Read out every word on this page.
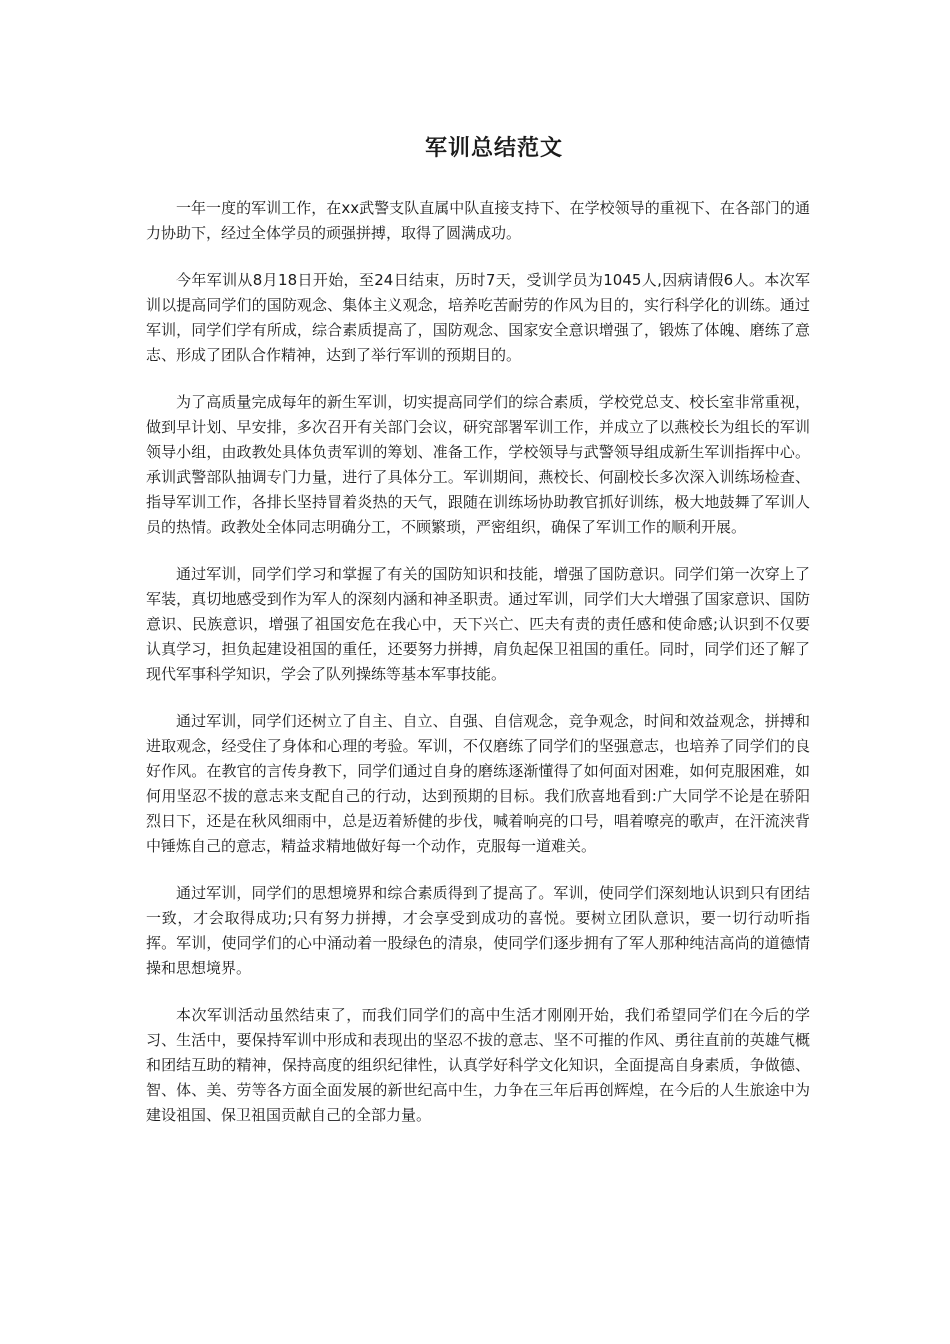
军训总结范文

一年一度的军训工作，在xx武警支队直属中队直接支持下、在学校领导的重视下、在各部门的通力协助下，经过全体学员的顽强拼搏，取得了圆满成功。

今年军训从8月18日开始，至24日结束，历时7天，受训学员为1045人,因病请假6人。本次军训以提高同学们的国防观念、集体主义观念，培养吃苦耐劳的作风为目的，实行科学化的训练。通过军训，同学们学有所成，综合素质提高了，国防观念、国家安全意识增强了，锻炼了体魄、磨练了意志、形成了团队合作精神，达到了举行军训的预期目的。

为了高质量完成每年的新生军训，切实提高同学们的综合素质，学校党总支、校长室非常重视，做到早计划、早安排，多次召开有关部门会议，研究部署军训工作，并成立了以燕校长为组长的军训领导小组，由政教处具体负责军训的筹划、准备工作，学校领导与武警领导组成新生军训指挥中心。承训武警部队抽调专门力量，进行了具体分工。军训期间，燕校长、何副校长多次深入训练场检查、指导军训工作，各排长坚持冒着炎热的天气，跟随在训练场协助教官抓好训练，极大地鼓舞了军训人员的热情。政教处全体同志明确分工，不顾繁琐，严密组织，确保了军训工作的顺利开展。

通过军训，同学们学习和掌握了有关的国防知识和技能，增强了国防意识。同学们第一次穿上了军装，真切地感受到作为军人的深刻内涵和神圣职责。通过军训，同学们大大增强了国家意识、国防意识、民族意识，增强了祖国安危在我心中，天下兴亡、匹夫有责的责任感和使命感;认识到不仅要认真学习，担负起建设祖国的重任，还要努力拼搏，肩负起保卫祖国的重任。同时，同学们还了解了现代军事科学知识，学会了队列操练等基本军事技能。

通过军训，同学们还树立了自主、自立、自强、自信观念，竞争观念，时间和效益观念，拼搏和进取观念，经受住了身体和心理的考验。军训，不仅磨练了同学们的坚强意志，也培养了同学们的良好作风。在教官的言传身教下，同学们通过自身的磨练逐渐懂得了如何面对困难，如何克服困难，如何用坚忍不拔的意志来支配自己的行动，达到预期的目标。我们欣喜地看到:广大同学不论是在骄阳烈日下，还是在秋风细雨中，总是迈着矫健的步伐，喊着响亮的口号，唱着嘹亮的歌声，在汗流浃背中锤炼自己的意志，精益求精地做好每一个动作，克服每一道难关。

通过军训，同学们的思想境界和综合素质得到了提高了。军训，使同学们深刻地认识到只有团结一致，才会取得成功;只有努力拼搏，才会享受到成功的喜悦。要树立团队意识，要一切行动听指挥。军训，使同学们的心中涌动着一股绿色的清泉，使同学们逐步拥有了军人那种纯洁高尚的道德情操和思想境界。

本次军训活动虽然结束了，而我们同学们的高中生活才刚刚开始，我们希望同学们在今后的学习、生活中，要保持军训中形成和表现出的坚忍不拔的意志、坚不可摧的作风、勇往直前的英雄气概和团结互助的精神，保持高度的组织纪律性，认真学好科学文化知识，全面提高自身素质，争做德、智、体、美、劳等各方面全面发展的新世纪高中生，力争在三年后再创辉煌，在今后的人生旅途中为建设祖国、保卫祖国贡献自己的全部力量。
